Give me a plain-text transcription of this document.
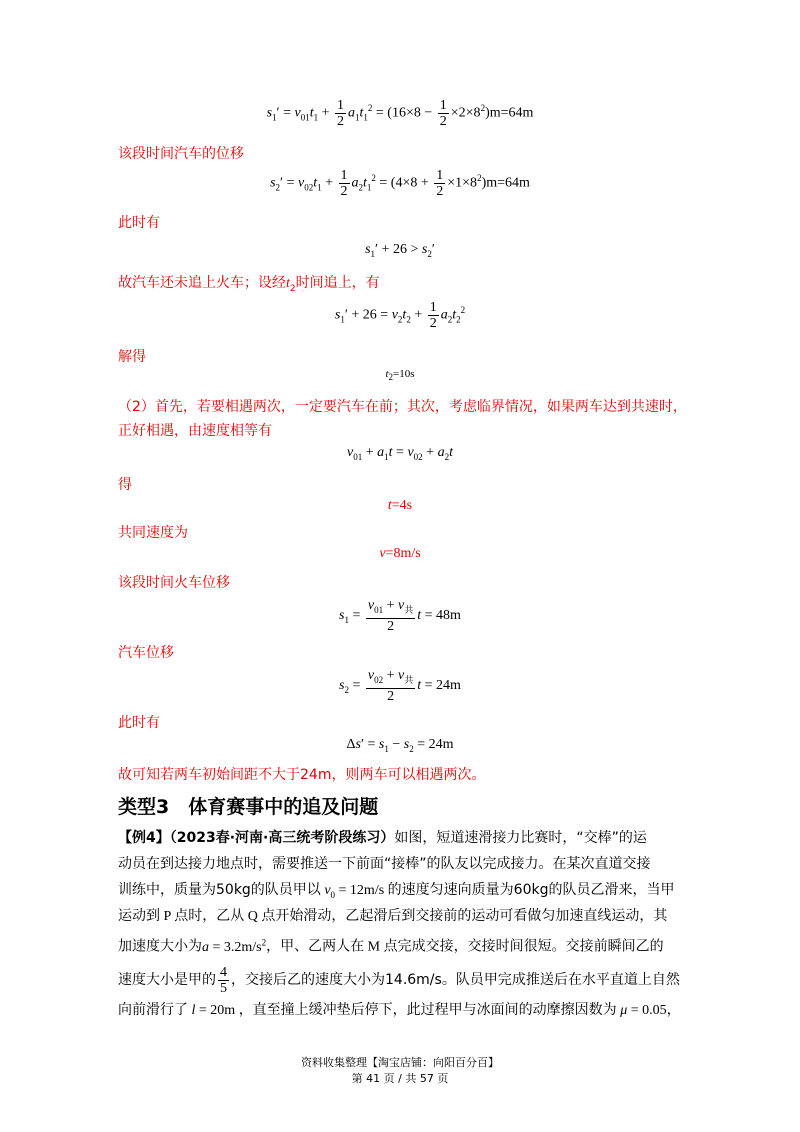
$s_1' = v_{01}t_1 + \frac{1}{2} a_1t_1^2 = (16\times 8 - \frac{1}{2} \times 2\times 8^2)m=64m$
该段时间汽车的位移
$s_2' = v_{02}t_1 + \frac{1}{2} a_2t_1^2 = (4\times 8 + \frac{1}{2} \times 1\times 8^2)m=64m$
此时有
$s_1' + 26 > s_2'$
故汽车还未追上火车；设经$t_2$时间追上，有
$s_1' + 26 = v_2t_2 + \frac{1}{2} a_2t_2^2$
解得
$t_2=10s$
（2）首先，若要相遇两次，一定要汽车在前；其次，考虑临界情况，如果两车达到共速时，
正好相遇，由速度相等有
$v_{01} + a_1t = v_{02} + a_2t$
得
t=4s
共同速度为
v=8m/s
该段时间火车位移
$s_1 = \frac{v_{01} + v_共}{2}$ t = 48m
汽车位移
$s_2 = \frac{v_{02} + v_共}{2}$ t = 24m
此时有
$\Delta s' = s_1 - s_2 = 24m$
故可知若两车初始间距不大于24m，则两车可以相遇两次。
类型3　体育赛事中的追及问题
【例4】（2023春·河南·高三统考阶段练习）如图，短道速滑接力比赛时，“交棒”的运
动员在到达接力地点时，需要推送一下前面“接棒”的队友以完成接力。在某次直道交接
训练中，质量为50kg的队员甲以 $v_0 = 12m/s$ 的速度匀速向质量为60kg的队员乙滑来，当甲
运动到 P 点时，乙从 Q 点开始滑动，乙起滑后到交接前的运动可看做匀加速直线运动，其
加速度大小为$a = 3.2m/s^2$，甲、乙两人在 M 点完成交接，交接时间很短。交接前瞬间乙的
速度大小是甲的 $\frac{4}{5}$ ，交接后乙的速度大小为14.6m/s。队员甲完成推送后在水平直道上自然
向前滑行了 l = 20m ，直至撞上缓冲垫后停下，此过程甲与冰面间的动摩擦因数为 μ = 0.05，
资料收集整理【淘宝店铺：向阳百分百】
第 41 页 / 共 57 页
